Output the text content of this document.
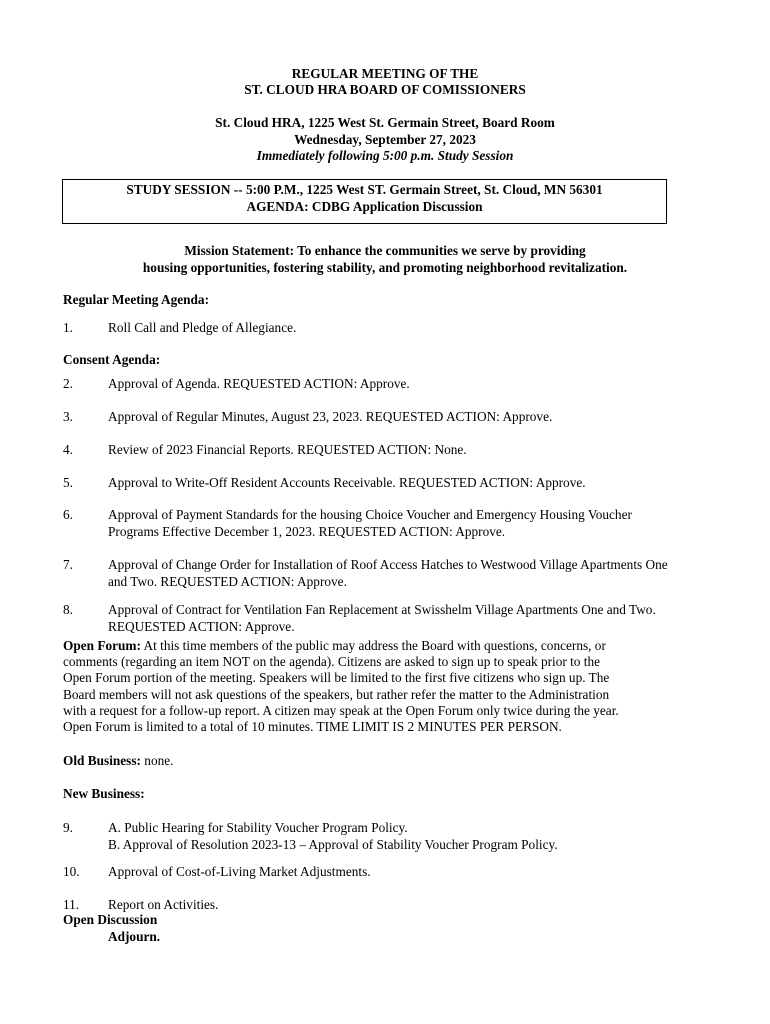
REGULAR MEETING OF THE
ST. CLOUD HRA BOARD OF COMISSIONERS
St. Cloud HRA, 1225 West St. Germain Street, Board Room
Wednesday, September 27, 2023
Immediately following 5:00 p.m. Study Session
STUDY SESSION -- 5:00 P.M., 1225 West ST. Germain Street, St. Cloud, MN 56301
AGENDA: CDBG Application Discussion
Mission Statement: To enhance the communities we serve by providing
housing opportunities, fostering stability, and promoting neighborhood revitalization.
Regular Meeting Agenda:
1.	Roll Call and Pledge of Allegiance.
Consent Agenda:
2.	Approval of Agenda. REQUESTED ACTION: Approve.
3.	Approval of Regular Minutes, August 23, 2023. REQUESTED ACTION: Approve.
4.	Review of 2023 Financial Reports. REQUESTED ACTION: None.
5.	Approval to Write-Off Resident Accounts Receivable. REQUESTED ACTION: Approve.
6.	Approval of Payment Standards for the housing Choice Voucher and Emergency Housing Voucher
Programs Effective December 1, 2023. REQUESTED ACTION: Approve.
7.	Approval of Change Order for Installation of Roof Access Hatches to Westwood Village Apartments One
and Two. REQUESTED ACTION: Approve.
8.	Approval of Contract for Ventilation Fan Replacement at Swisshelm Village Apartments One and Two.
REQUESTED ACTION: Approve.
Open Forum: At this time members of the public may address the Board with questions, concerns, or
comments (regarding an item NOT on the agenda). Citizens are asked to sign up to speak prior to the
Open Forum portion of the meeting. Speakers will be limited to the first five citizens who sign up. The
Board members will not ask questions of the speakers, but rather refer the matter to the Administration
with a request for a follow-up report. A citizen may speak at the Open Forum only twice during the year.
Open Forum is limited to a total of 10 minutes. TIME LIMIT IS 2 MINUTES PER PERSON.
Old Business: none.
New Business:
9.	A. Public Hearing for Stability Voucher Program Policy.
B. Approval of Resolution 2023-13 – Approval of Stability Voucher Program Policy.
10. Approval of Cost-of-Living Market Adjustments.
11. Report on Activities.
Open Discussion
Adjourn.
